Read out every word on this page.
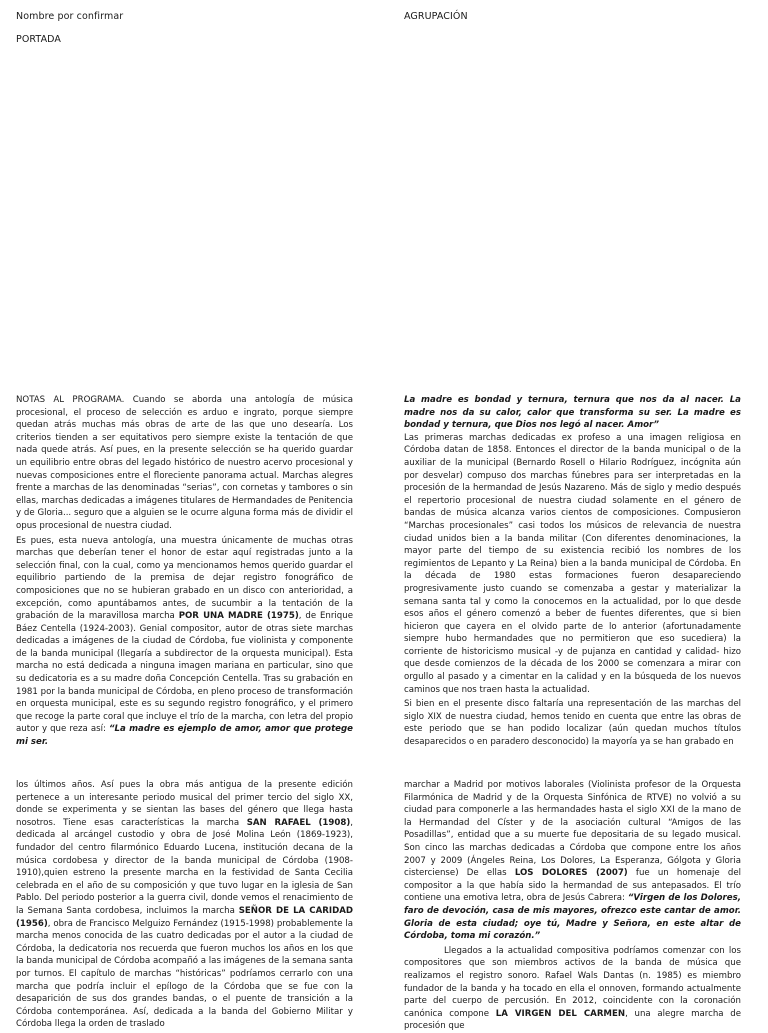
Nombre por confirmar
PORTADA
AGRUPACIÓN

NOTAS AL PROGRAMA. Cuando se aborda una antología de música procesional, el proceso de selección es arduo e ingrato, porque siempre quedan atrás muchas más obras de arte de las que uno desearía. Los criterios tienden a ser equitativos pero siempre existe la tentación de que nada quede atrás. Así pues, en la presente selección se ha querido guardar un equilibrio entre obras del legado histórico de nuestro acervo procesional y nuevas composiciones entre el floreciente panorama actual. Marchas alegres frente a marchas de las denominadas “serias”, con cornetas y tambores o sin ellas, marchas dedicadas a imágenes titulares de Hermandades de Penitencia y de Gloria... seguro que a alguien se le ocurre alguna forma más de dividir el opus procesional de nuestra ciudad.

Es pues, esta nueva antología, una muestra únicamente de muchas otras marchas que deberían tener el honor de estar aquí registradas junto a la selección final, con la cual, como ya mencionamos hemos querido guardar el equilibrio partiendo de la premisa de dejar registro fonográfico de composiciones que no se hubieran grabado en un disco con anterioridad, a excepción, como apuntábamos antes, de sucumbir a la tentación de la grabación de la maravillosa marcha POR UNA MADRE (1975), de Enrique Báez Centella (1924-2003). Genial compositor, autor de otras siete marchas dedicadas a imágenes de la ciudad de Córdoba, fue violinista y componente de la banda municipal (llegaría a subdirector de la orquesta municipal). Esta marcha no está dedicada a ninguna imagen mariana en particular, sino que su dedicatoria es a su madre doña Concepción Centella. Tras su grabación en 1981 por la banda municipal de Córdoba, en pleno proceso de transformación en orquesta municipal, este es su segundo registro fonográfico, y el primero que recoge la parte coral que incluye el trío de la marcha, con letra del propio autor y que reza así: “La madre es ejemplo de amor, amor que protege mi ser.

La madre es bondad y ternura, ternura que nos da al nacer. La madre nos da su calor, calor que transforma su ser. La madre es bondad y ternura, que Dios nos legó al nacer. Amor”

Las primeras marchas dedicadas ex profeso a una imagen religiosa en Córdoba datan de 1858. Entonces el director de la banda municipal o de la auxiliar de la municipal (Bernardo Rosell o Hilario Rodríguez, incógnita aún por desvelar) compuso dos marchas fúnebres para ser interpretadas en la procesión de la hermandad de Jesús Nazareno. Más de siglo y medio después el repertorio procesional de nuestra ciudad solamente en el género de bandas de música alcanza varios cientos de composiciones. Compusieron “Marchas procesionales” casi todos los músicos de relevancia de nuestra ciudad unidos bien a la banda militar (Con diferentes denominaciones, la mayor parte del tiempo de su existencia recibió los nombres de los regimientos de Lepanto y La Reina) bien a la banda municipal de Córdoba. En la década de 1980 estas formaciones fueron desapareciendo progresivamente justo cuando se comenzaba a gestar y materializar la semana santa tal y como la conocemos en la actualidad, por lo que desde esos años el género comenzó a beber de fuentes diferentes, que si bien hicieron que cayera en el olvido parte de lo anterior (afortunadamente siempre hubo hermandades que no permitieron que eso sucediera) la corriente de historicismo musical -y de pujanza en cantidad y calidad- hizo que desde comienzos de la década de los 2000 se comenzara a mirar con orgullo al pasado y a cimentar en la calidad y en la búsqueda de los nuevos caminos que nos traen hasta la actualidad.

Si bien en el presente disco faltaría una representación de las marchas del siglo XIX de nuestra ciudad, hemos tenido en cuenta que entre las obras de este periodo que se han podido localizar (aún quedan muchos títulos desaparecidos o en paradero desconocido) la mayoría ya se han grabado en

los últimos años. Así pues la obra más antigua de la presente edición pertenece a un interesante periodo musical del primer tercio del siglo XX, donde se experimenta y se sientan las bases del género que llega hasta nosotros. Tiene esas características la marcha SAN RAFAEL (1908), dedicada al arcángel custodio y obra de José Molina León (1869-1923), fundador del centro filarmónico Eduardo Lucena, institución decana de la música cordobesa y director de la banda municipal de Córdoba (1908-1910),quien estreno la presente marcha en la festividad de Santa Cecilia celebrada en el año de su composición y que tuvo lugar en la iglesia de San Pablo. Del periodo posterior a la guerra civil, donde vemos el renacimiento de la Semana Santa cordobesa, incluimos la marcha SEÑOR DE LA CARIDAD (1956), obra de Francisco Melguizo Fernández (1915-1998) probablemente la marcha menos conocida de las cuatro dedicadas por el autor a la ciudad de Córdoba, la dedicatoria nos recuerda que fueron muchos los años en los que la banda municipal de Córdoba acompañó a las imágenes de la semana santa por turnos. El capítulo de marchas “históricas” podríamos cerrarlo con una marcha que podría incluir el epílogo de la Córdoba que se fue con la desaparición de sus dos grandes bandas, o el puente de transición a la Córdoba contemporánea. Así, dedicada a la banda del Gobierno Militar y Córdoba llega la orden de traslado

marchar a Madrid por motivos laborales (Violinista profesor de la Orquesta Filarmónica de Madrid y de la Orquesta Sinfónica de RTVE) no volvió a su ciudad para componerle a las hermandades hasta el siglo XXI de la mano de la Hermandad del Císter y de la asociación cultural “Amigos de las Posadillas”, entidad que a su muerte fue depositaria de su legado musical. Son cinco las marchas dedicadas a Córdoba que compone entre los años 2007 y 2009 (Ángeles Reina, Los Dolores, La Esperanza, Gólgota y Gloria cisterciense) De ellas LOS DOLORES (2007) fue un homenaje del compositor a la que había sido la hermandad de sus antepasados. El trío contiene una emotiva letra, obra de Jesús Cabrera: “Virgen de los Dolores, faro de devoción, casa de mis mayores, ofrezco este cantar de amor. Gloria de esta ciudad; oye tú, Madre y Señora, en este altar de Córdoba, toma mi corazón.”

Llegados a la actualidad compositiva podríamos comenzar con los compositores que son miembros activos de la banda de música que realizamos el registro sonoro. Rafael Wals Dantas (n. 1985) es miembro fundador de la banda y ha tocado en ella el onnoven, formando actualmente parte del cuerpo de percusión. En 2012, coincidente con la coronación canónica compone LA VIRGEN DEL CARMEN, una alegre marcha de procesión que
